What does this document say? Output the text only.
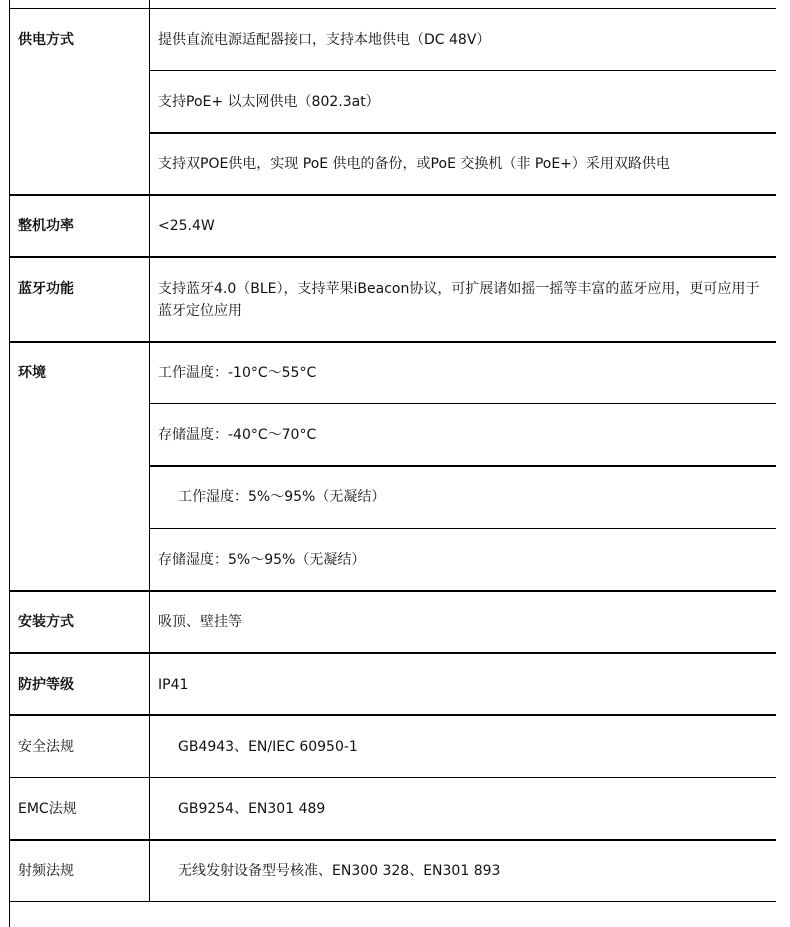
供电方式	提供直流电源适配器接口，支持本地供电（DC 48V）
支持PoE+ 以太网供电（802.3at）
支持双POE供电，实现 PoE 供电的备份，或PoE 交换机（非 PoE+）采用双路供电
整机功率	<25.4W
蓝牙功能	支持蓝牙4.0（BLE），支持苹果iBeacon协议，可扩展诸如摇一摇等丰富的蓝牙应用，更可应用于
蓝牙定位应用
环境	工作温度：-10°C～55°C
存储温度：-40°C～70°C
工作湿度：5%～95%（无凝结）
存储湿度：5%～95%（无凝结）
安装方式	吸顶、壁挂等
防护等级	IP41
安全法规	GB4943、EN/IEC 60950-1
EMC法规	GB9254、EN301 489
射频法规	无线发射设备型号核准、EN300 328、EN301 893
